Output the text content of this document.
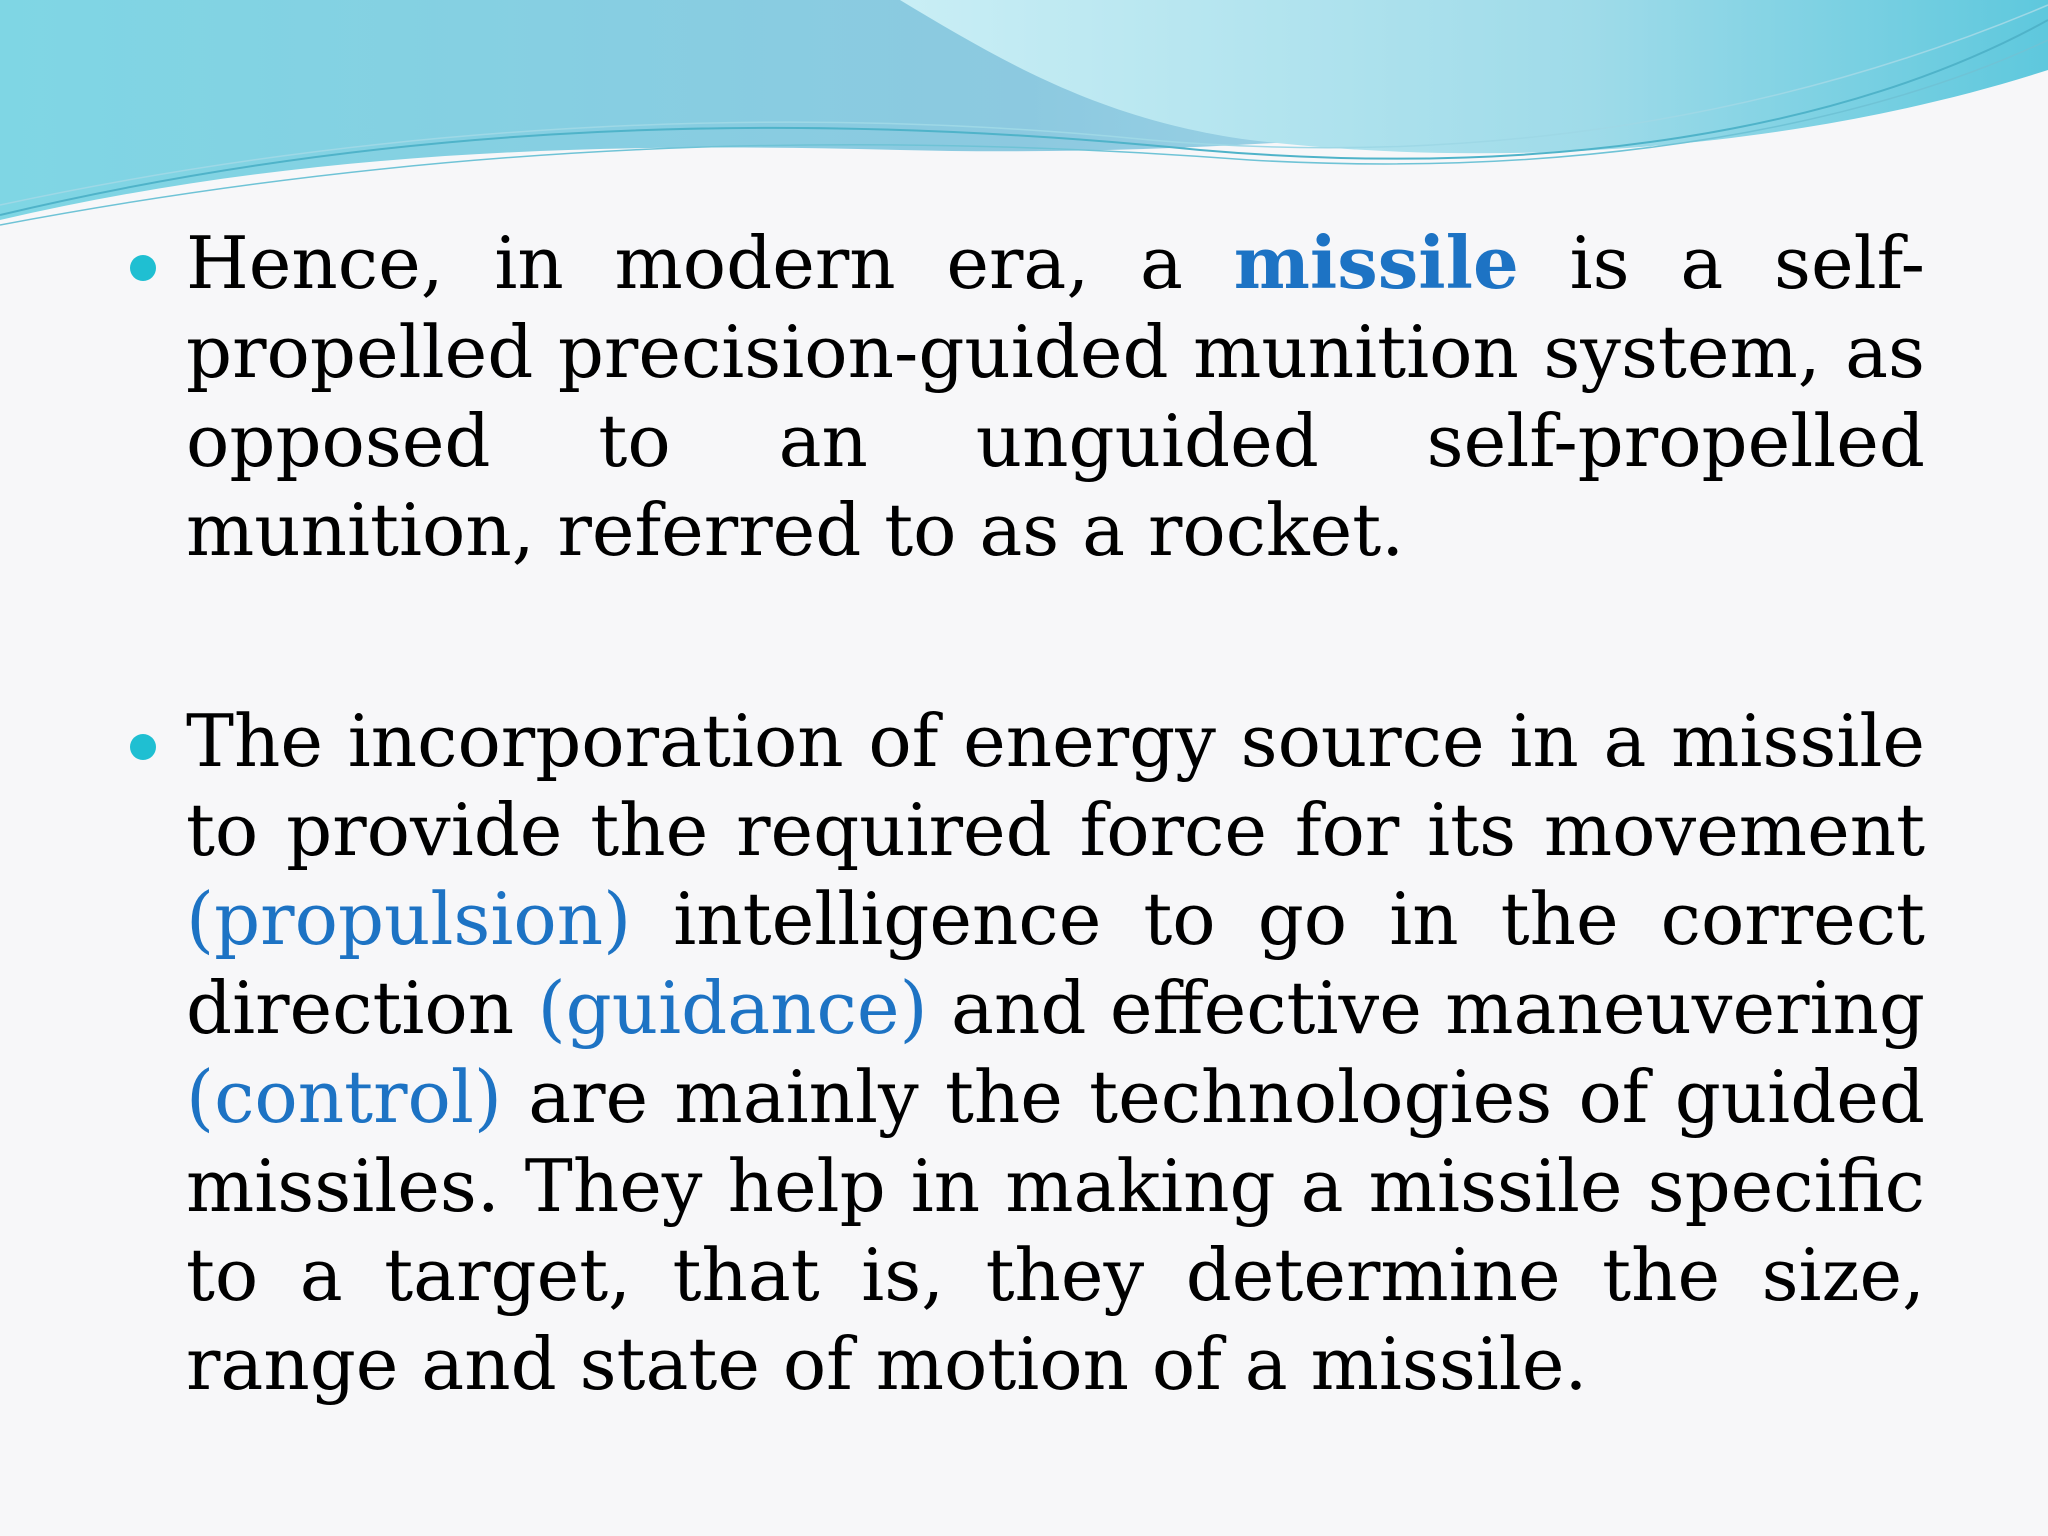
Hence, in modern era, a missile is a self-propelled precision-guided munition system, as opposed to an unguided self-propelled munition, referred to as a rocket.
The incorporation of energy source in a missile to provide the required force for its movement (propulsion) intelligence to go in the correct direction (guidance) and effective maneuvering (control) are mainly the technologies of guided missiles. They help in making a missile specific to a target, that is, they determine the size, range and state of motion of a missile.
